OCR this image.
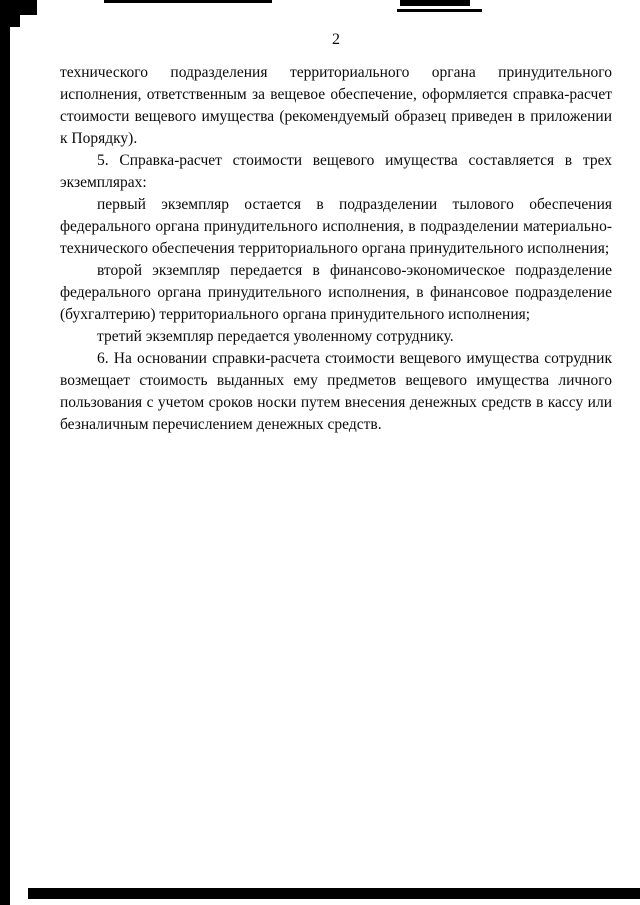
2

технического подразделения территориального органа принудительного исполнения, ответственным за вещевое обеспечение, оформляется справка-расчет стоимости вещевого имущества (рекомендуемый образец приведен в приложении к Порядку).

5. Справка-расчет стоимости вещевого имущества составляется в трех экземплярах:

первый экземпляр остается в подразделении тылового обеспечения федерального органа принудительного исполнения, в подразделении материально-технического обеспечения территориального органа принудительного исполнения;

второй экземпляр передается в финансово-экономическое подразделение федерального органа принудительного исполнения, в финансовое подразделение (бухгалтерию) территориального органа принудительного исполнения;

третий экземпляр передается уволенному сотруднику.

6. На основании справки-расчета стоимости вещевого имущества сотрудник возмещает стоимость выданных ему предметов вещевого имущества личного пользования с учетом сроков носки путем внесения денежных средств в кассу или безналичным перечислением денежных средств.
